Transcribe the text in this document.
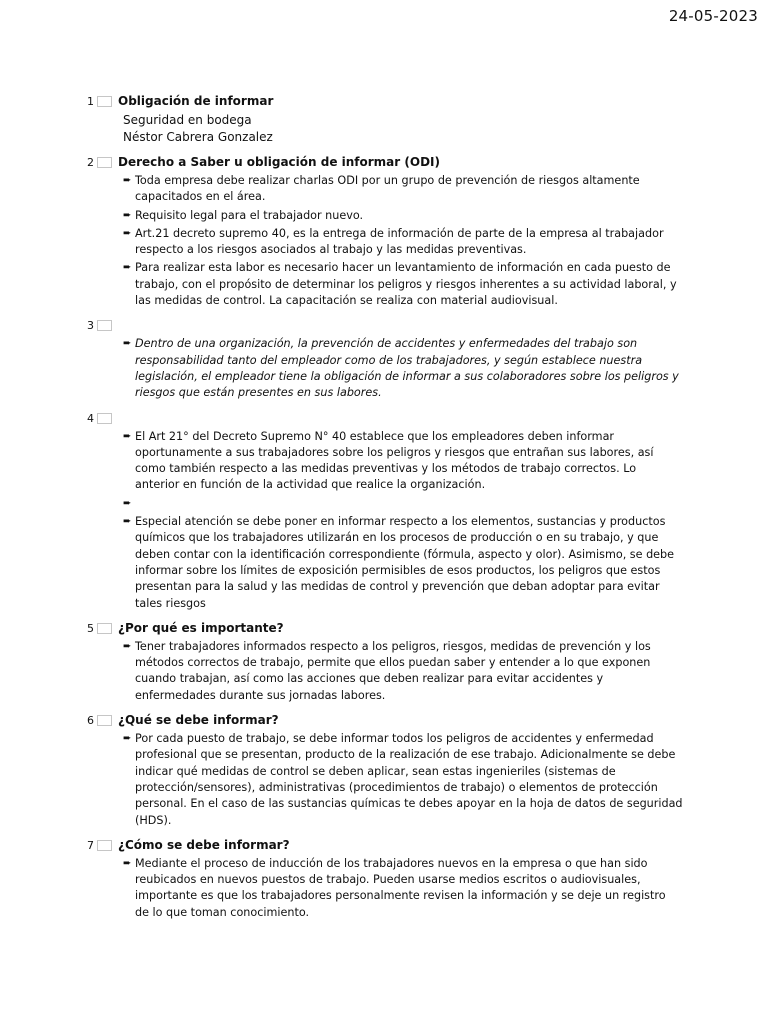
24-05-2023
1 Obligación de informar
Seguridad en bodega
Néstor Cabrera Gonzalez
2 Derecho a Saber u obligación de informar (ODI)
➨ Toda empresa debe realizar charlas ODI por un grupo de prevención de riesgos altamente capacitados en el área.
➨ Requisito legal para el trabajador nuevo.
➨ Art.21 decreto supremo 40, es la entrega de información de parte de la empresa al trabajador respecto a los riesgos asociados al trabajo y las medidas preventivas.
➨ Para realizar esta labor es necesario hacer un levantamiento de información en cada puesto de trabajo, con el propósito de determinar los peligros y riesgos inherentes a su actividad laboral, y las medidas de control. La capacitación se realiza con material audiovisual.
3
➨ Dentro de una organización, la prevención de accidentes y enfermedades del trabajo son responsabilidad tanto del empleador como de los trabajadores, y según establece nuestra legislación, el empleador tiene la obligación de informar a sus colaboradores sobre los peligros y riesgos que están presentes en sus labores.
4
➨ El Art 21° del Decreto Supremo N° 40 establece que los empleadores deben informar oportunamente a sus trabajadores sobre los peligros y riesgos que entrañan sus labores, así como también respecto a las medidas preventivas y los métodos de trabajo correctos. Lo anterior en función de la actividad que realice la organización.
➨
➨ Especial atención se debe poner en informar respecto a los elementos, sustancias y productos químicos que los trabajadores utilizarán en los procesos de producción o en su trabajo, y que deben contar con la identificación correspondiente (fórmula, aspecto y olor). Asimismo, se debe informar sobre los límites de exposición permisibles de esos productos, los peligros que estos presentan para la salud y las medidas de control y prevención que deban adoptar para evitar tales riesgos
5 ¿Por qué es importante?
➨ Tener trabajadores informados respecto a los peligros, riesgos, medidas de prevención y los métodos correctos de trabajo, permite que ellos puedan saber y entender a lo que exponen cuando trabajan, así como las acciones que deben realizar para evitar accidentes y enfermedades durante sus jornadas labores.
6 ¿Qué se debe informar?
➨ Por cada puesto de trabajo, se debe informar todos los peligros de accidentes y enfermedad profesional que se presentan, producto de la realización de ese trabajo. Adicionalmente se debe indicar qué medidas de control se deben aplicar, sean estas ingenieriles (sistemas de protección/sensores), administrativas (procedimientos de trabajo) o elementos de protección personal. En el caso de las sustancias químicas te debes apoyar en la hoja de datos de seguridad (HDS).
7 ¿Cómo se debe informar?
➨ Mediante el proceso de inducción de los trabajadores nuevos en la empresa o que han sido reubicados en nuevos puestos de trabajo. Pueden usarse medios escritos o audiovisuales, importante es que los trabajadores personalmente revisen la información y se deje un registro de lo que toman conocimiento.
